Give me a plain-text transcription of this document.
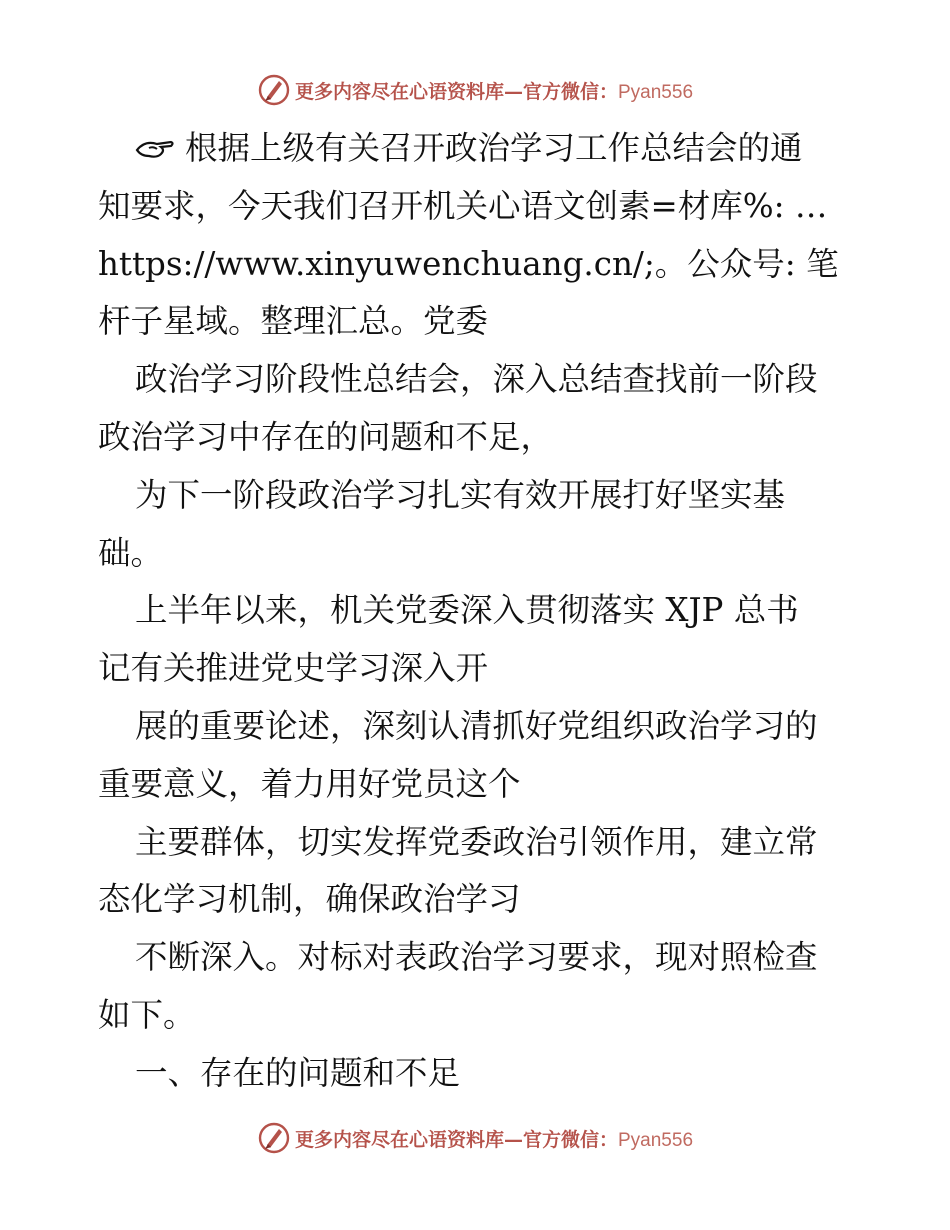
更多内容尽在心语资料库—官方微信：Pyan556
根据上级有关召开政治学习工作总结会的通
知要求，今天我们召开机关心语文创素=材库%: …
https://www.xinyuwenchuang.cn/;。公众号: 笔
杆子星域。整理汇总。党委
政治学习阶段性总结会，深入总结查找前一阶段
政治学习中存在的问题和不足，
为下一阶段政治学习扎实有效开展打好坚实基
础。
上半年以来，机关党委深入贯彻落实 XJP 总书
记有关推进党史学习深入开
展的重要论述，深刻认清抓好党组织政治学习的
重要意义，着力用好党员这个
主要群体，切实发挥党委政治引领作用，建立常
态化学习机制，确保政治学习
不断深入。对标对表政治学习要求，现对照检查
如下。
一、存在的问题和不足
更多内容尽在心语资料库—官方微信：Pyan556
